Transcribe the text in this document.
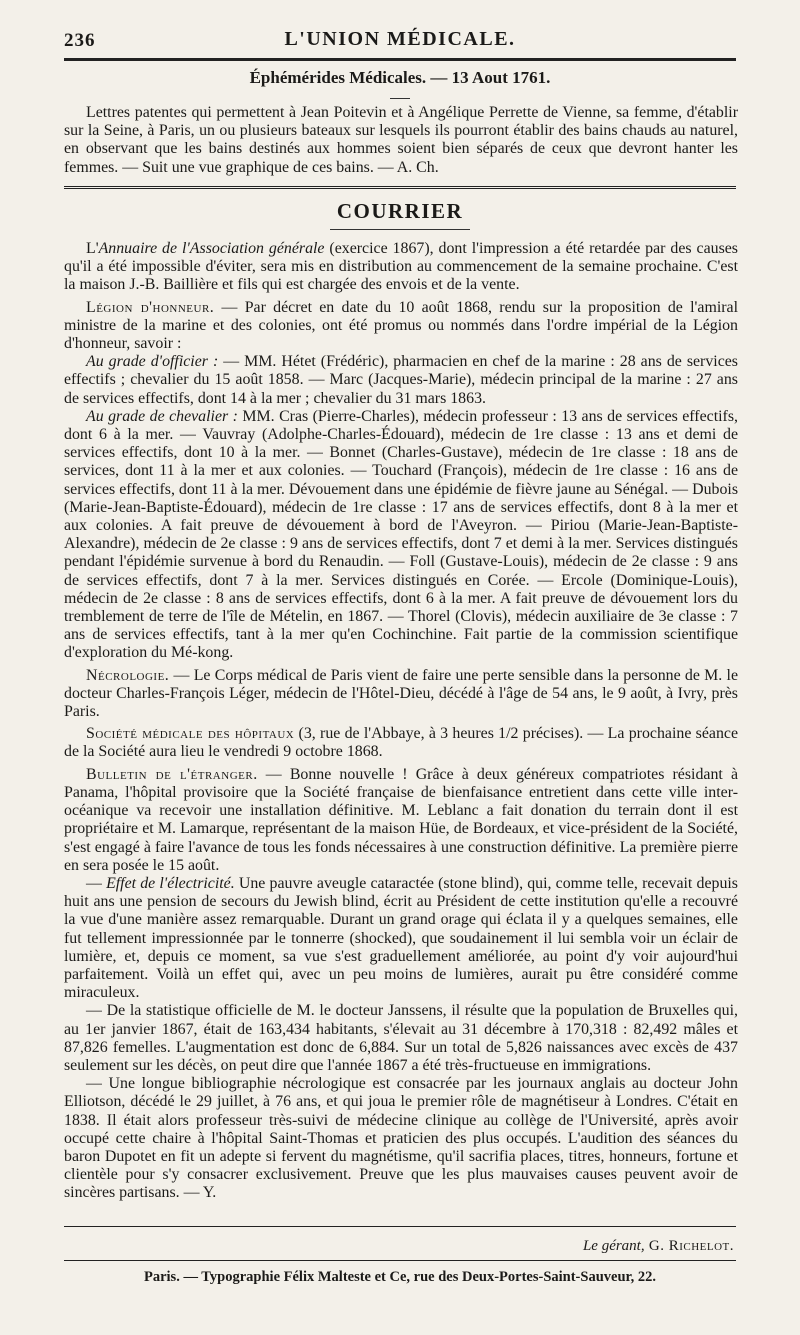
236	L'UNION MÉDICALE.
Éphémérides Médicales. — 13 Aout 1761.

Lettres patentes qui permettent à Jean Poitevin et à Angélique Perrette de Vienne, sa femme, d'établir sur la Seine, à Paris, un ou plusieurs bateaux sur lesquels ils pourront établir des bains chauds au naturel, en observant que les bains destinés aux hommes soient bien séparés de ceux que devront hanter les femmes. — Suit une vue graphique de ces bains. — A. Ch.

COURRIER

L'Annuaire de l'Association générale (exercice 1867), dont l'impression a été retardée par des causes qu'il a été impossible d'éviter, sera mis en distribution au commencement de la semaine prochaine. C'est la maison J.-B. Baillière et fils qui est chargée des envois et de la vente.

Légion d'honneur. — Par décret en date du 10 août 1868, rendu sur la proposition de l'amiral ministre de la marine et des colonies, ont été promus ou nommés dans l'ordre impérial de la Légion d'honneur, savoir :

Au grade d'officier : — MM. Hétet (Frédéric), pharmacien en chef de la marine : 28 ans de services effectifs ; chevalier du 15 août 1858. — Marc (Jacques-Marie), médecin principal de la marine : 27 ans de services effectifs, dont 14 à la mer ; chevalier du 31 mars 1863.

Au grade de chevalier : MM. Cras (Pierre-Charles), médecin professeur : 13 ans de services effectifs, dont 6 à la mer. — Vauvray (Adolphe-Charles-Édouard), médecin de 1re classe : 13 ans et demi de services effectifs, dont 10 à la mer. — Bonnet (Charles-Gustave), médecin de 1re classe : 18 ans de services, dont 11 à la mer et aux colonies. — Touchard (François), médecin de 1re classe : 16 ans de services effectifs, dont 11 à la mer. Dévouement dans une épidémie de fièvre jaune au Sénégal. — Dubois (Marie-Jean-Baptiste-Édouard), médecin de 1re classe : 17 ans de services effectifs, dont 8 à la mer et aux colonies. A fait preuve de dévouement à bord de l'Aveyron. — Piriou (Marie-Jean-Baptiste-Alexandre), médecin de 2e classe : 9 ans de services effectifs, dont 7 et demi à la mer. Services distingués pendant l'épidémie survenue à bord du Renaudin. — Foll (Gustave-Louis), médecin de 2e classe : 9 ans de services effectifs, dont 7 à la mer. Services distingués en Corée. — Ercole (Dominique-Louis), médecin de 2e classe : 8 ans de services effectifs, dont 6 à la mer. A fait preuve de dévouement lors du tremblement de terre de l'île de Mételin, en 1867. — Thorel (Clovis), médecin auxiliaire de 3e classe : 7 ans de services effectifs, tant à la mer qu'en Cochinchine. Fait partie de la commission scientifique d'exploration du Mé-kong.

Nécrologie. — Le Corps médical de Paris vient de faire une perte sensible dans la personne de M. le docteur Charles-François Léger, médecin de l'Hôtel-Dieu, décédé à l'âge de 54 ans, le 9 août, à Ivry, près Paris.

Société médicale des hôpitaux (3, rue de l'Abbaye, à 3 heures 1/2 précises). — La prochaine séance de la Société aura lieu le vendredi 9 octobre 1868.

Bulletin de l'étranger. — Bonne nouvelle ! Grâce à deux généreux compatriotes résidant à Panama, l'hôpital provisoire que la Société française de bienfaisance entretient dans cette ville inter-océanique va recevoir une installation définitive. M. Leblanc a fait donation du terrain dont il est propriétaire et M. Lamarque, représentant de la maison Hüe, de Bordeaux, et vice-président de la Société, s'est engagé à faire l'avance de tous les fonds nécessaires à une construction définitive. La première pierre en sera posée le 15 août.

— Effet de l'électricité. Une pauvre aveugle cataractée (stone blind), qui, comme telle, recevait depuis huit ans une pension de secours du Jewish blind, écrit au Président de cette institution qu'elle a recouvré la vue d'une manière assez remarquable. Durant un grand orage qui éclata il y a quelques semaines, elle fut tellement impressionnée par le tonnerre (shocked), que soudainement il lui sembla voir un éclair de lumière, et, depuis ce moment, sa vue s'est graduellement améliorée, au point d'y voir aujourd'hui parfaitement. Voilà un effet qui, avec un peu moins de lumières, aurait pu être considéré comme miraculeux.

— De la statistique officielle de M. le docteur Janssens, il résulte que la population de Bruxelles qui, au 1er janvier 1867, était de 163,434 habitants, s'élevait au 31 décembre à 170,318 : 82,492 mâles et 87,826 femelles. L'augmentation est donc de 6,884. Sur un total de 5,826 naissances avec excès de 437 seulement sur les décès, on peut dire que l'année 1867 a été très-fructueuse en immigrations.

— Une longue bibliographie nécrologique est consacrée par les journaux anglais au docteur John Elliotson, décédé le 29 juillet, à 76 ans, et qui joua le premier rôle de magnétiseur à Londres. C'était en 1838. Il était alors professeur très-suivi de médecine clinique au collège de l'Université, après avoir occupé cette chaire à l'hôpital Saint-Thomas et praticien des plus occupés. L'audition des séances du baron Dupotet en fit un adepte si fervent du magnétisme, qu'il sacrifia places, titres, honneurs, fortune et clientèle pour s'y consacrer exclusivement. Preuve que les plus mauvaises causes peuvent avoir de sincères partisans. — Y.

Le gérant, G. Richelot.
Paris. — Typographie Félix Malteste et Ce, rue des Deux-Portes-Saint-Sauveur, 22.
